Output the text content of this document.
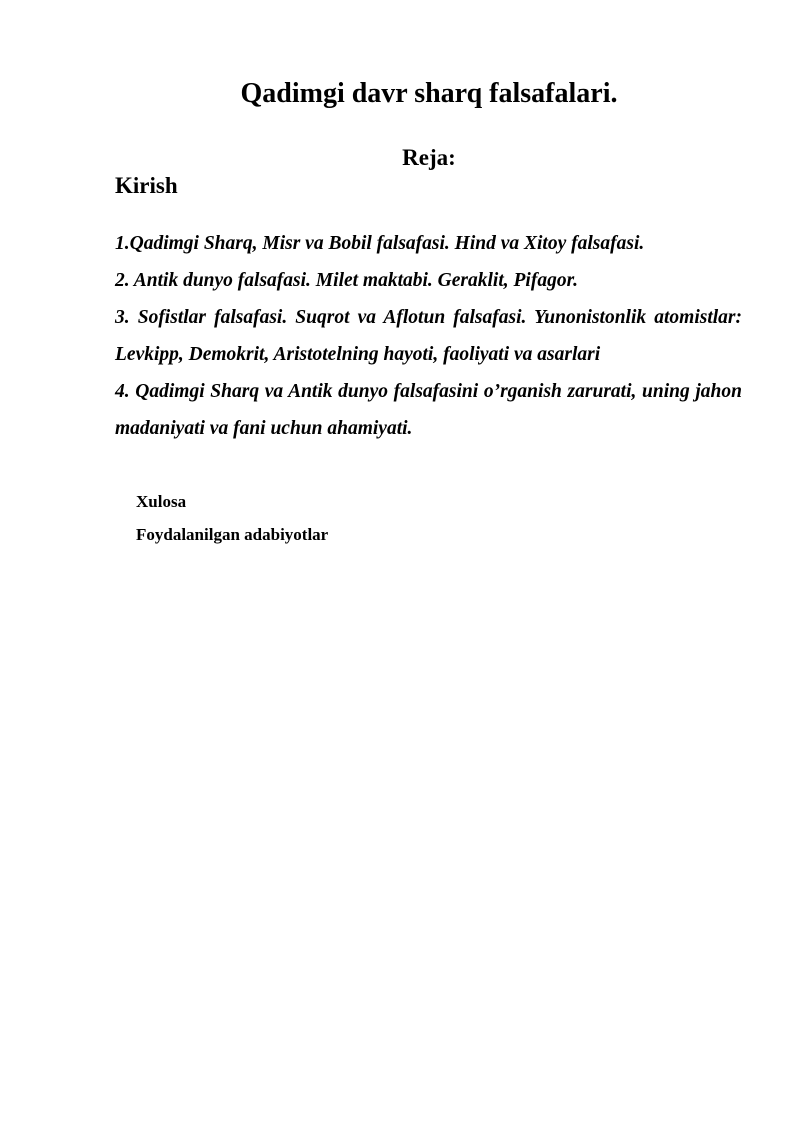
Qadimgi davr sharq falsafalari.
Reja:
Kirish
1.Qadimgi Sharq, Misr va Bobil falsafasi. Hind va Xitoy falsafasi.
2. Antik dunyo falsafasi. Milet maktabi. Geraklit, Pifagor.
3. Sofistlar falsafasi. Suqrot va Aflotun falsafasi. Yunonistonlik atomistlar: Levkipp, Demokrit, Aristotelning hayoti, faoliyati va asarlari
4. Qadimgi Sharq va Antik dunyo falsafasini o’rganish zarurati, uning jahon madaniyati va fani uchun ahamiyati.

Xulosa

Foydalanilgan adabiyotlar
